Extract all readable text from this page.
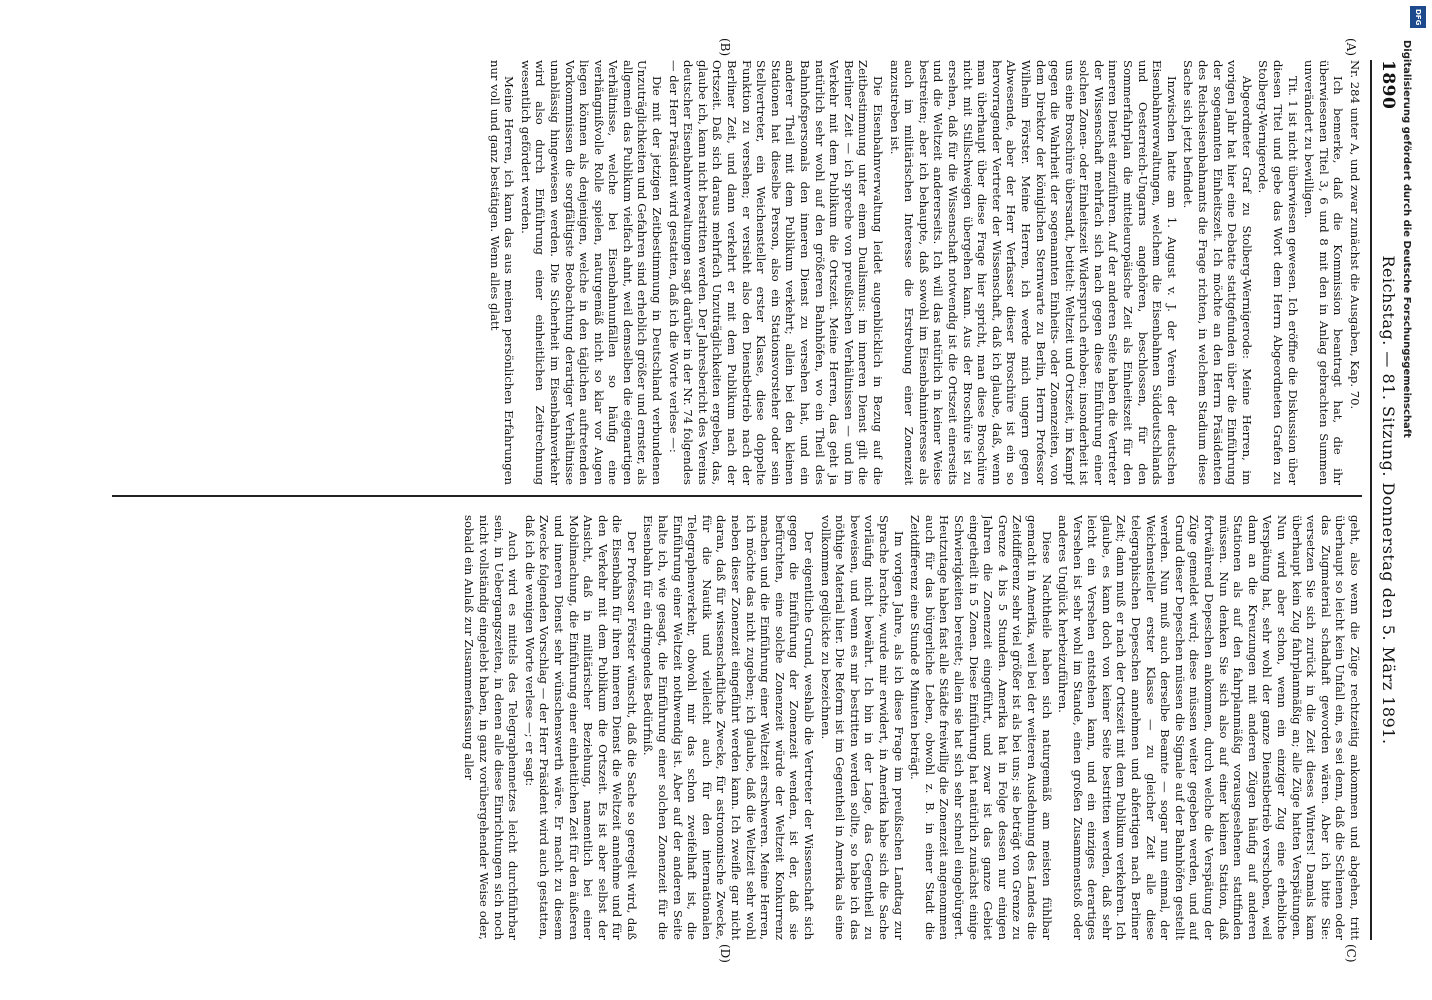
1890
Reichstag. — 81. Sitzung. Donnerstag den 5. März 1891.
(A)
(B)
(C)
(D)

Nr. 284 unter A, und zwar zunächst die Ausgaben, Kap. 70.

Ich bemerke, daß die Kommission beantragt hat, die ihr überwiesenen Titel 3, 6 und 8 mit den in Anlag gebrachten Summen unverändert zu bewilligen.

Tit. 1 ist nicht überwiesen gewesen. Ich eröffne die Diskussion über diesen Titel und gebe das Wort dem Herrn Abgeordneten Grafen zu Stolberg-Wernigerode.

Abgeordneter Graf zu Stolberg-Wernigerode: Meine Herren, im vorigen Jahr hat hier eine Debatte stattgefunden über die Einführung der sogenannten Einheitszeit. Ich möchte an den Herrn Präsidenten des Reichseisenbahnamts die Frage richten, in welchem Stadium diese Sache sich jetzt befindet.

Inzwischen hatte am 1. August v. J. der Verein der deutschen Eisenbahnverwaltungen, welchem die Eisenbahnen Süddeutschlands und Oesterreich-Ungarns angehören, beschlossen, für den Sommerfahrplan die mitteleuropäische Zeit als Einheitszeit für den inneren Dienst einzuführen. Auf der anderen Seite haben die Vertreter der Wissenschaft mehrfach sich nach gegen diese Einführung einer solchen Zonen- oder Einheitszeit Widerspruch erhoben; insonderheit ist uns eine Broschüre übersandt, betitelt: Weltzeit und Ortszeit, im Kampf gegen die Wahrheit der sogenannten Einheits- oder Zonenzeiten, von dem Direktor der königlichen Sternwarte zu Berlin, Herrn Professor Wilhelm Förster. Meine Herren, ich werde mich ungern gegen Abwesende, aber der Herr Verfasser dieser Broschüre ist ein so hervorragender Vertreter der Wissenschaft, daß ich glaube, daß, wenn man überhaupt über diese Frage hier spricht, man diese Broschüre nicht mit Stillschweigen übergehen kann. Aus der Broschüre ist zu ersehen, daß für die Wissenschaft notwendig ist die Ortszeit einerseits und die Weltzeit andererseits. Ich will das natürlich in keiner Weise bestreiten; aber ich behaupte, daß sowohl im Eisenbahninteresse als auch im militärischen Interesse die Erstrebung einer Zonenzeit anzustreben ist.

Die Eisenbahnverwaltung leidet augenblicklich in Bezug auf die Zeitbestimmung unter einem Dualismus: im inneren Dienst gilt die Berliner Zeit — ich spreche von preußischen Verhältnissen — und im Verkehr mit dem Publikum die Ortszeit. Meine Herren, das geht ja natürlich sehr wohl auf den größeren Bahnhöfen, wo ein Theil des Bahnhofspersonals den inneren Dienst zu versehen hat, und ein anderer Theil mit dem Publikum verkehrt; allein bei den kleinen Stationen hat dieselbe Person, also ein Stationsvorsteher oder sein Stellvertreter, ein Weichensteller erster Klasse, diese doppelte Funktion zu versehen; er versieht also den Dienstbetrieb nach der Berliner Zeit, und dann verkehrt er mit dem Publikum nach der Ortszeit. Daß sich daraus mehrfach Unzuträglichkeiten ergeben, das, glaube ich, kann nicht bestritten werden. Der Jahresbericht des Vereins deutscher Eisenbahnverwaltungen sagt darüber in der Nr. 74 folgendes — der Herr Präsident wird gestatten, daß ich die Worte verlese —:

Die mit der jetzigen Zeitbestimmung in Deutschland verbundenen Unzuträglichkeiten und Gefahren sind erheblich größer und ernster, als allgemein das Publikum vielfach ahnt, weil demselben die eigenartigen Verhältnisse, welche bei Eisenbahnunfällen so häufig eine verhängnißvolle Rolle spielen, naturgemäß nicht so klar vor Augen liegen können als denjenigen, welche in den täglichen auftretenden Vorkommnissen die sorgfältigste Beobachtung derartiger Verhältnisse unablässig hingewiesen werden. Die Sicherheit im Eisenbahnverkehr wird also durch Einführung einer einheitlichen Zeitrechnung wesentlich gefördert werden.

Meine Herren, ich kann das aus meinen persönlichen Erfahrungen nur voll und ganz bestätigen. Wenn alles glatt

geht, also wenn die Züge rechtzeitig ankommen und abgehen, tritt überhaupt so leicht kein Unfall ein, es sei denn, daß die Schienen oder das Zugmaterial schadhaft geworden wären. Aber ich bitte Sie: versetzen Sie sich zurück in die Zeit dieses Winters! Damals kam überhaupt kein Zug fahrplanmäßig an; alle Züge hatten Verspätungen. Nun wird aber schon, wenn ein einziger Zug eine erhebliche Verspätung hat, sehr wohl der ganze Dienstbetrieb verschoben, weil dann an die Kreuzungen mit anderen Zügen häufig auf anderen Stationen als auf den fahrplanmäßig vorausgesehenen stattfinden müssen. Nun denken Sie sich also auf einer kleinen Station, daß fortwährend Depeschen ankommen, durch welche die Verspätung der Züge gemeldet wird; diese müssen weiter gegeben werden, und auf Grund dieser Depeschen müssen die Signale auf der Bahnhöfen gestellt werden. Nun muß auch derselbe Beamte — sogar nun einmal, der Weichensteller erster Klasse — zu gleicher Zeit alle diese telegraphischen Depeschen annehmen und abfertigen nach Berliner Zeit; dann muß er nach der Ortszeit mit dem Publikum verkehren. Ich glaube, es kann doch von keiner Seite bestritten werden, daß sehr leicht ein Versehen entstehen kann, und ein einziges derartiges Versehen ist sehr wohl im Stande, einen großen Zusammenstoß oder anderes Unglück herbeizuführen.

Diese Nachtheile haben sich naturgemäß am meisten fühlbar gemacht in Amerika, weil bei der weiteren Ausdehnung des Landes die Zeitdifferenz sehr viel größer ist als bei uns; sie beträgt von Grenze zu Grenze 4 bis 5 Stunden. Amerika hat in Folge dessen nur einigen Jahren die Zonenzeit eingeführt, und zwar ist das ganze Gebiet eingetheilt in 5 Zonen. Diese Einführung hat natürlich zunächst einige Schwierigkeiten bereitet; allein sie hat sich sehr schnell eingebürgert. Heutzutage haben fast alle Städte freiwillig die Zonenzeit angenommen auch für das bürgerliche Leben, obwohl z. B. in einer Stadt die Zeitdifferenz eine Stunde 8 Minuten beträgt.

Im vorigen Jahre, als ich diese Frage im preußischen Landtag zur Sprache brachte, wurde mir erwidert, in Amerika habe sich die Sache vorläufig nicht bewährt. Ich bin in der Lage, das Gegentheil zu beweisen, und wenn es mir bestritten werden sollte, so habe ich das nöthige Material hier. Die Reform ist im Gegentheil in Amerika als eine vollkommen geglückte zu bezeichnen.

Der eigentliche Grund, weshalb die Vertreter der Wissenschaft sich gegen die Einführung der Zonenzeit wenden, ist der, daß sie befürchten, eine solche Zonenzeit würde der Weltzeit Konkurrenz machen und die Einführung einer Weltzeit erschweren. Meine Herren, ich möchte das nicht zugeben; ich glaube, daß die Weltzeit sehr wohl neben dieser Zonenzeit eingeführt werden kann. Ich zweifle gar nicht daran, daß für wissenschaftliche Zwecke, für astronomische Zwecke, für die Nautik und vielleicht auch für den internationalen Telegraphenverkehr, obwohl mir das schon zweifelhaft ist, die Einführung einer Weltzeit nothwendig ist. Aber auf der anderen Seite halte ich, wie gesagt, die Einführung einer solchen Zonenzeit für die Eisenbahn für ein dringendes Bedürfniß.

Der Professor Förster wünscht, daß die Sache so geregelt wird, daß die Eisenbahn für ihren inneren Dienst die Weltzeit annehme und für den Verkehr mit dem Publikum die Ortszeit. Es ist aber selbst der Ansicht, daß in militärischer Beziehung, namentlich bei einer Mobilmachung, die Einführung einer einheitlichen Zeit für den äußeren und inneren Dienst sehr wünschenswerth wäre. Er macht zu diesem Zwecke folgenden Vorschlag — der Herr Präsident wird auch gestatten, daß ich die wenigen Worte verlese —; er sagt:

Auch wird es mittels des Telegraphennetzes leicht durchführbar sein, in Uebergangszeiten, in denen alle diese Einrichtungen sich noch nicht vollständig eingelebt haben, in ganz vorübergehender Weise oder, sobald ein Anlaß zur Zusammenfassung aller

DFG
Digitalisierung gefördert durch die Deutsche Forschungsgemeinschaft
